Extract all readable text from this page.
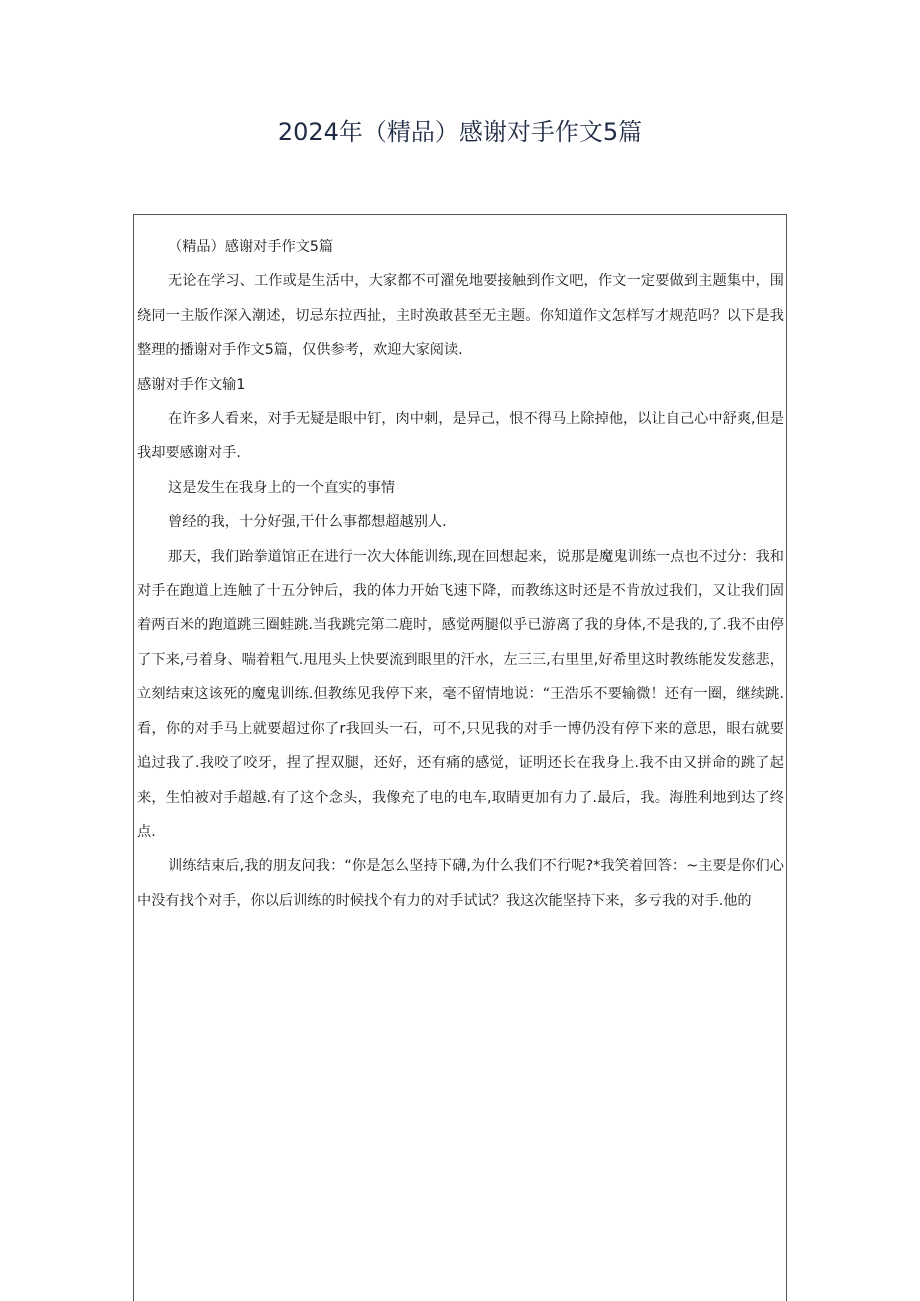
2024年（精品）感谢对手作文5篇

（精品）感谢对手作文5篇

无论在学习、工作或是生活中，大家都不可濯免地要接触到作文吧，作文一定要做到主题集中，围绕同一主版作深入潮述，切忌东拉西扯，主时涣敢甚至无主题。你知道作文怎样写才规范吗？以下是我整理的播谢对手作文5篇，仅供参考，欢迎大家阅读.

感谢对手作文输1

在许多人看来，对手无疑是眼中钉，肉中刺，是异己，恨不得马上除掉他，以让自己心中舒爽,但是我却要感谢对手.

这是发生在我身上的一个直实的事情

曾经的我，十分好强,干什么事都想超越别人.

那天，我们跆拳道馆正在进行一次大体能训练,现在回想起来，说那是魔鬼训练一点也不过分：我和对手在跑道上连触了十五分钟后，我的体力开始飞速下降，而教练这时还是不肯放过我们，又让我们固着两百米的跑道跳三圈蛙跳.当我跳完第二鹿时，感觉两腿似乎已游离了我的身体,不是我的,了.我不由停了下来,弓着身、喘着粗气.甩甩头上快要流到眼里的汗水，左三三,右里里,好希里这时教练能发发慈悲，立刻结束这该死的魔鬼训练.但教练见我停下来，毫不留情地说：“王浩乐不要输微！还有一圈，继续跳.看，你的对手马上就要超过你了r我回头一石，可不,只见我的对手一博仍没有停下来的意思，眼右就要追过我了.我咬了咬牙，捏了捏双腿，还好，还有痛的感觉，证明还长在我身上.我不由又拼命的跳了起来，生怕被对手超越.有了这个念头，我像充了电的电车,取睛更加有力了.最后，我。海胜利地到达了终点.

训练结束后,我的朋友问我：“你是怎么坚持下礴,为什么我们不行呢?*我笑着回答：~主要是你们心中没有找个对手，你以后训练的时候找个有力的对手试试？我这次能坚持下来，多亏我的对手.他的
